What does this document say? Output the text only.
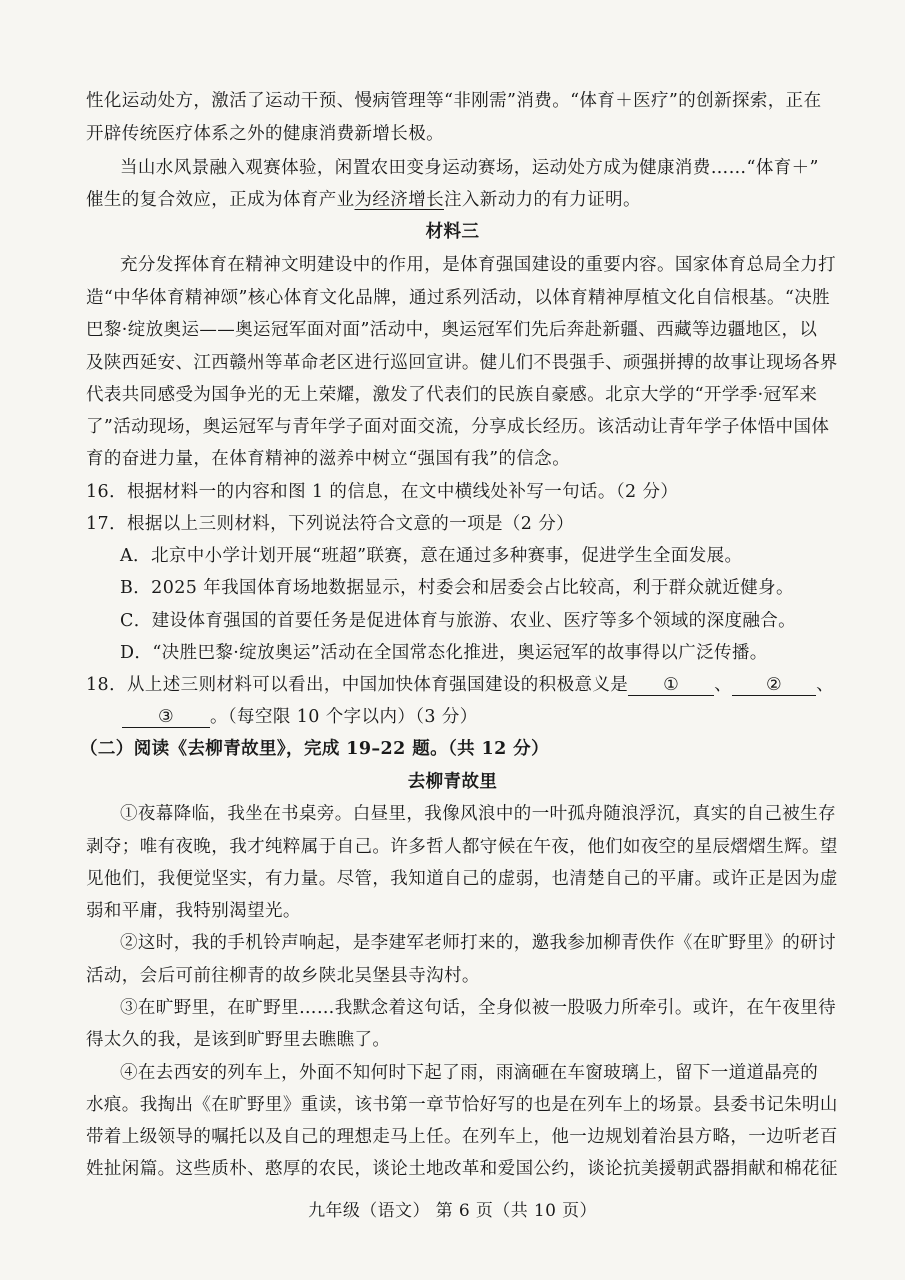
性化运动处方，激活了运动干预、慢病管理等“非刚需”消费。“体育＋医疗”的创新探索，正在
开辟传统医疗体系之外的健康消费新增长极。
当山水风景融入观赛体验，闲置农田变身运动赛场，运动处方成为健康消费……“体育＋”
催生的复合效应，正成为体育产业为经济增长注入新动力的有力证明。
材料三
充分发挥体育在精神文明建设中的作用，是体育强国建设的重要内容。国家体育总局全力打
造“中华体育精神颂”核心体育文化品牌，通过系列活动，以体育精神厚植文化自信根基。“决胜
巴黎·绽放奥运——奥运冠军面对面”活动中，奥运冠军们先后奔赴新疆、西藏等边疆地区，以
及陕西延安、江西赣州等革命老区进行巡回宣讲。健儿们不畏强手、顽强拼搏的故事让现场各界
代表共同感受为国争光的无上荣耀，激发了代表们的民族自豪感。北京大学的“开学季·冠军来
了”活动现场，奥运冠军与青年学子面对面交流，分享成长经历。该活动让青年学子体悟中国体
育的奋进力量，在体育精神的滋养中树立“强国有我”的信念。
16．根据材料一的内容和图 1 的信息，在文中横线处补写一句话。（2 分）
17．根据以上三则材料，下列说法符合文意的一项是（2 分）
A．北京中小学计划开展“班超”联赛，意在通过多种赛事，促进学生全面发展。
B．2025 年我国体育场地数据显示，村委会和居委会占比较高，利于群众就近健身。
C．建设体育强国的首要任务是促进体育与旅游、农业、医疗等多个领域的深度融合。
D．“决胜巴黎·绽放奥运”活动在全国常态化推进，奥运冠军的故事得以广泛传播。
18．从上述三则材料可以看出，中国加快体育强国建设的积极意义是 ① 、 ② 、
③ 。（每空限 10 个字以内）（3 分）
（二）阅读《去柳青故里》，完成 19–22 题。（共 12 分）
去柳青故里
①夜幕降临，我坐在书桌旁。白昼里，我像风浪中的一叶孤舟随浪浮沉，真实的自己被生存
剥夺；唯有夜晚，我才纯粹属于自己。许多哲人都守候在午夜，他们如夜空的星辰熠熠生辉。望
见他们，我便觉坚实，有力量。尽管，我知道自己的虚弱，也清楚自己的平庸。或许正是因为虚
弱和平庸，我特别渴望光。
②这时，我的手机铃声响起，是李建军老师打来的，邀我参加柳青佚作《在旷野里》的研讨
活动，会后可前往柳青的故乡陕北吴堡县寺沟村。
③在旷野里，在旷野里……我默念着这句话，全身似被一股吸力所牵引。或许，在午夜里待
得太久的我，是该到旷野里去瞧瞧了。
④在去西安的列车上，外面不知何时下起了雨，雨滴砸在车窗玻璃上，留下一道道晶亮的
水痕。我掏出《在旷野里》重读，该书第一章节恰好写的也是在列车上的场景。县委书记朱明山
带着上级领导的嘱托以及自己的理想走马上任。在列车上，他一边规划着治县方略，一边听老百
姓扯闲篇。这些质朴、憨厚的农民，谈论土地改革和爱国公约，谈论抗美援朝武器捐献和棉花征
九年级（语文） 第 6 页（共 10 页）
